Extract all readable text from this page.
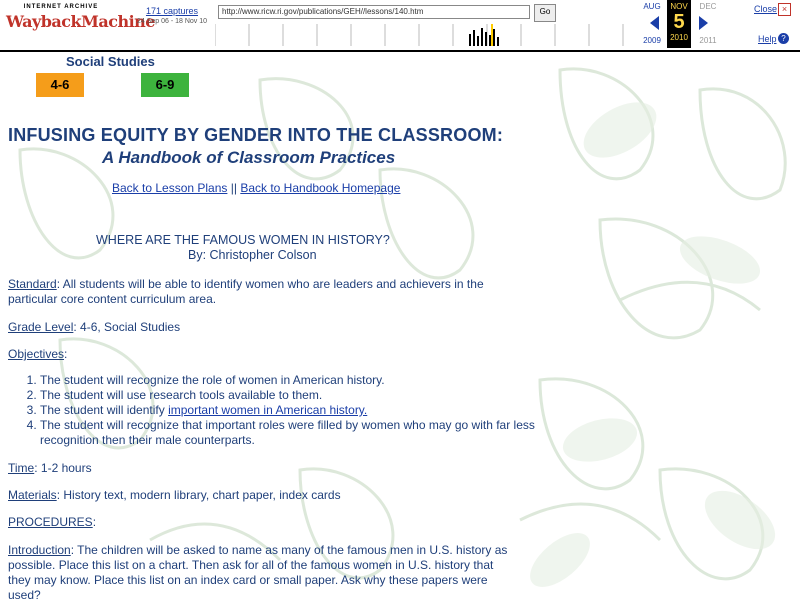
INTERNET ARCHIVE
WaybackMachine
171 captures
24 Sep 06 - 18 Nov 10
http://www.ricw.ri.gov/publications/GEH//lessons/140.htm	Go
AUG
2009
NOV
5
2010
DEC
2011
Close ×
Help ?
Social Studies
4-6	6-9
INFUSING EQUITY BY GENDER INTO THE CLASSROOM:
A Handbook of Classroom Practices
Back to Lesson Plans || Back to Handbook Homepage
WHERE ARE THE FAMOUS WOMEN IN HISTORY?
By: Christopher Colson
Standard: All students will be able to identify women who are leaders and achievers in the particular core content curriculum area.
Grade Level: 4-6, Social Studies
Objectives:
1. The student will recognize the role of women in American history.
2. The student will use research tools available to them.
3. The student will identify important women in American history.
4. The student will recognize that important roles were filled by women who may go with far less recognition then their male counterparts.
Time: 1-2 hours
Materials: History text, modern library, chart paper, index cards
PROCEDURES:
Introduction: The children will be asked to name as many of the famous men in U.S. history as possible. Place this list on a chart. Then ask for all of the famous women in U.S. history that they may know. Place this list on an index card or small paper. Ask why these papers were used?
